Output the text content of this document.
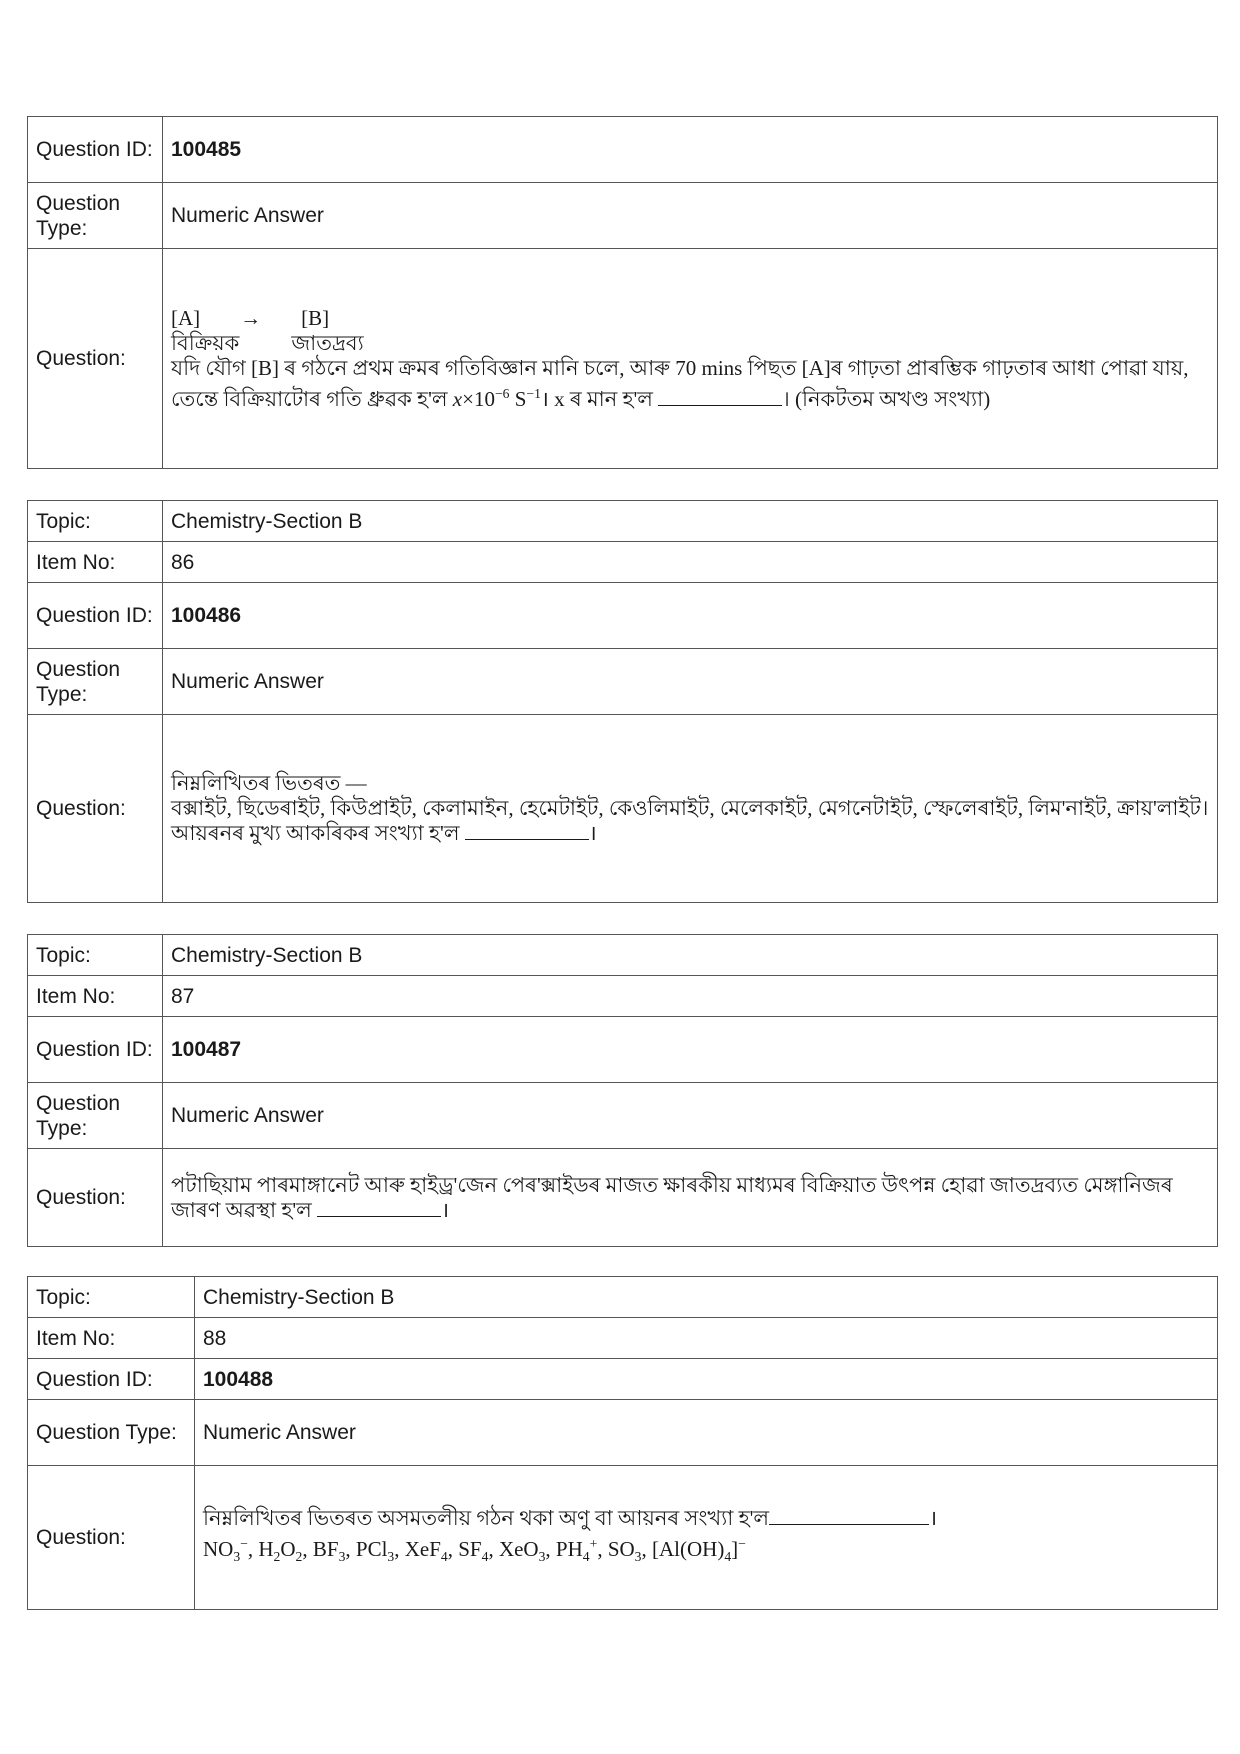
Question ID:	100485
Question Type:	Numeric Answer
Question:	[A] → [B]

বিক্রিয়ক জাতদ্ৰব্য

যদি যৌগ [B] ৰ গঠনে প্ৰথম ক্ৰমৰ গতিবিজ্ঞান মানি চলে, আৰু 70 mins পিছত [A]ৰ গাঢ়তা প্ৰাৰম্ভিক গাঢ়তাৰ আধা পোৱা যায়, তেন্তে বিক্ৰিয়াটোৰ গতি ধ্ৰুৱক হ'ল $x\times 10^{-6}$ $S^{-1}।$ x ৰ মান হ'ল । (নিকটতম অখণ্ড সংখ্যা)

Topic:	Chemistry-Section B
Item No:	86
Question ID:	100486
Question Type:	Numeric Answer
Question:	নিম্নলিখিতৰ ভিতৰত —

বক্সাইট, ছিডেৰাইট, কিউপ্ৰাইট, কেলামাইন, হেমেটাইট, কেওলিমাইট, মেলেকাইট, মেগনেটাইট, স্ফেলেৰাইট, লিম'নাইট, ক্ৰায়'লাইট।

আয়ৰনৰ মুখ্য আকৰিকৰ সংখ্যা হ'ল ।

Topic:	Chemistry-Section B
Item No:	87
Question ID:	100487
Question Type:	Numeric Answer
Question:	পটাছিয়াম পাৰমাঙ্গানেট আৰু হাইড্ৰ'জেন পেৰ'ক্সাইডৰ মাজত ক্ষাৰকীয় মাধ্যমৰ বিক্ৰিয়াত উৎপন্ন হোৱা জাতদ্ৰব্যত মেঙ্গানিজৰ জাৰণ অৱস্থা হ'ল ।

Topic:	Chemistry-Section B
Item No:	88
Question ID:	100488
Question Type:	Numeric Answer
Question:	নিম্নলিখিতৰ ভিতৰত অসমতলীয় গঠন থকা অণু বা আয়নৰ সংখ্যা হ'ল ।

$NO_3^-$, $H_2O_2$, $BF_3$, PCl$_3$, XeF$_4$, $SF_4$, XeO$_3$, $PH_4^+$, $SO_3$, $[Al(OH)_4]^-$
